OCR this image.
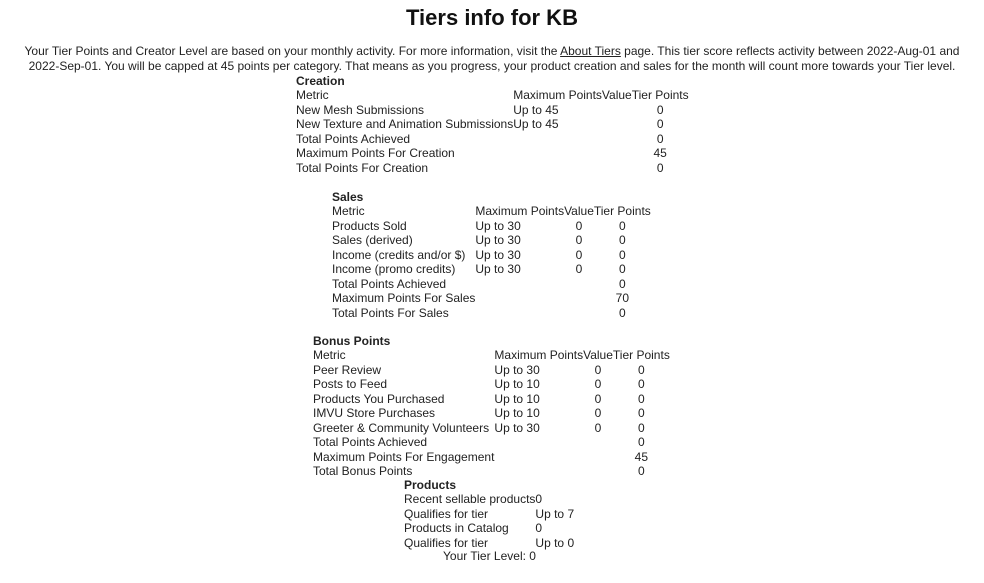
Tiers info for KB
Your Tier Points and Creator Level are based on your monthly activity. For more information, visit the About Tiers page. This tier score reflects activity between 2022-Aug-01 and 2022-Sep-01. You will be capped at 45 points per category. That means as you progress, your product creation and sales for the month will count more towards your Tier level.
Creation
Metric	Maximum Points	Value	Tier Points
New Mesh Submissions	Up to 45		0
New Texture and Animation Submissions	Up to 45		0
Total Points Achieved			0
Maximum Points For Creation			45
Total Points For Creation			0
Sales
Metric	Maximum Points	Value	Tier Points
Products Sold	Up to 30	0	0
Sales (derived)	Up to 30	0	0
Income (credits and/or $)	Up to 30	0	0
Income (promo credits)	Up to 30	0	0
Total Points Achieved			0
Maximum Points For Sales			70
Total Points For Sales			0
Bonus Points
Metric	Maximum Points	Value	Tier Points
Peer Review	Up to 30	0	0
Posts to Feed	Up to 10	0	0
Products You Purchased	Up to 10	0	0
IMVU Store Purchases	Up to 10	0	0
Greeter & Community Volunteers	Up to 30	0	0
Total Points Achieved			0
Maximum Points For Engagement			45
Total Bonus Points			0
Products
Recent sellable products	0
Qualifies for tier	Up to 7
Products in Catalog	0
Qualifies for tier	Up to 0
Your Tier Level: 0
